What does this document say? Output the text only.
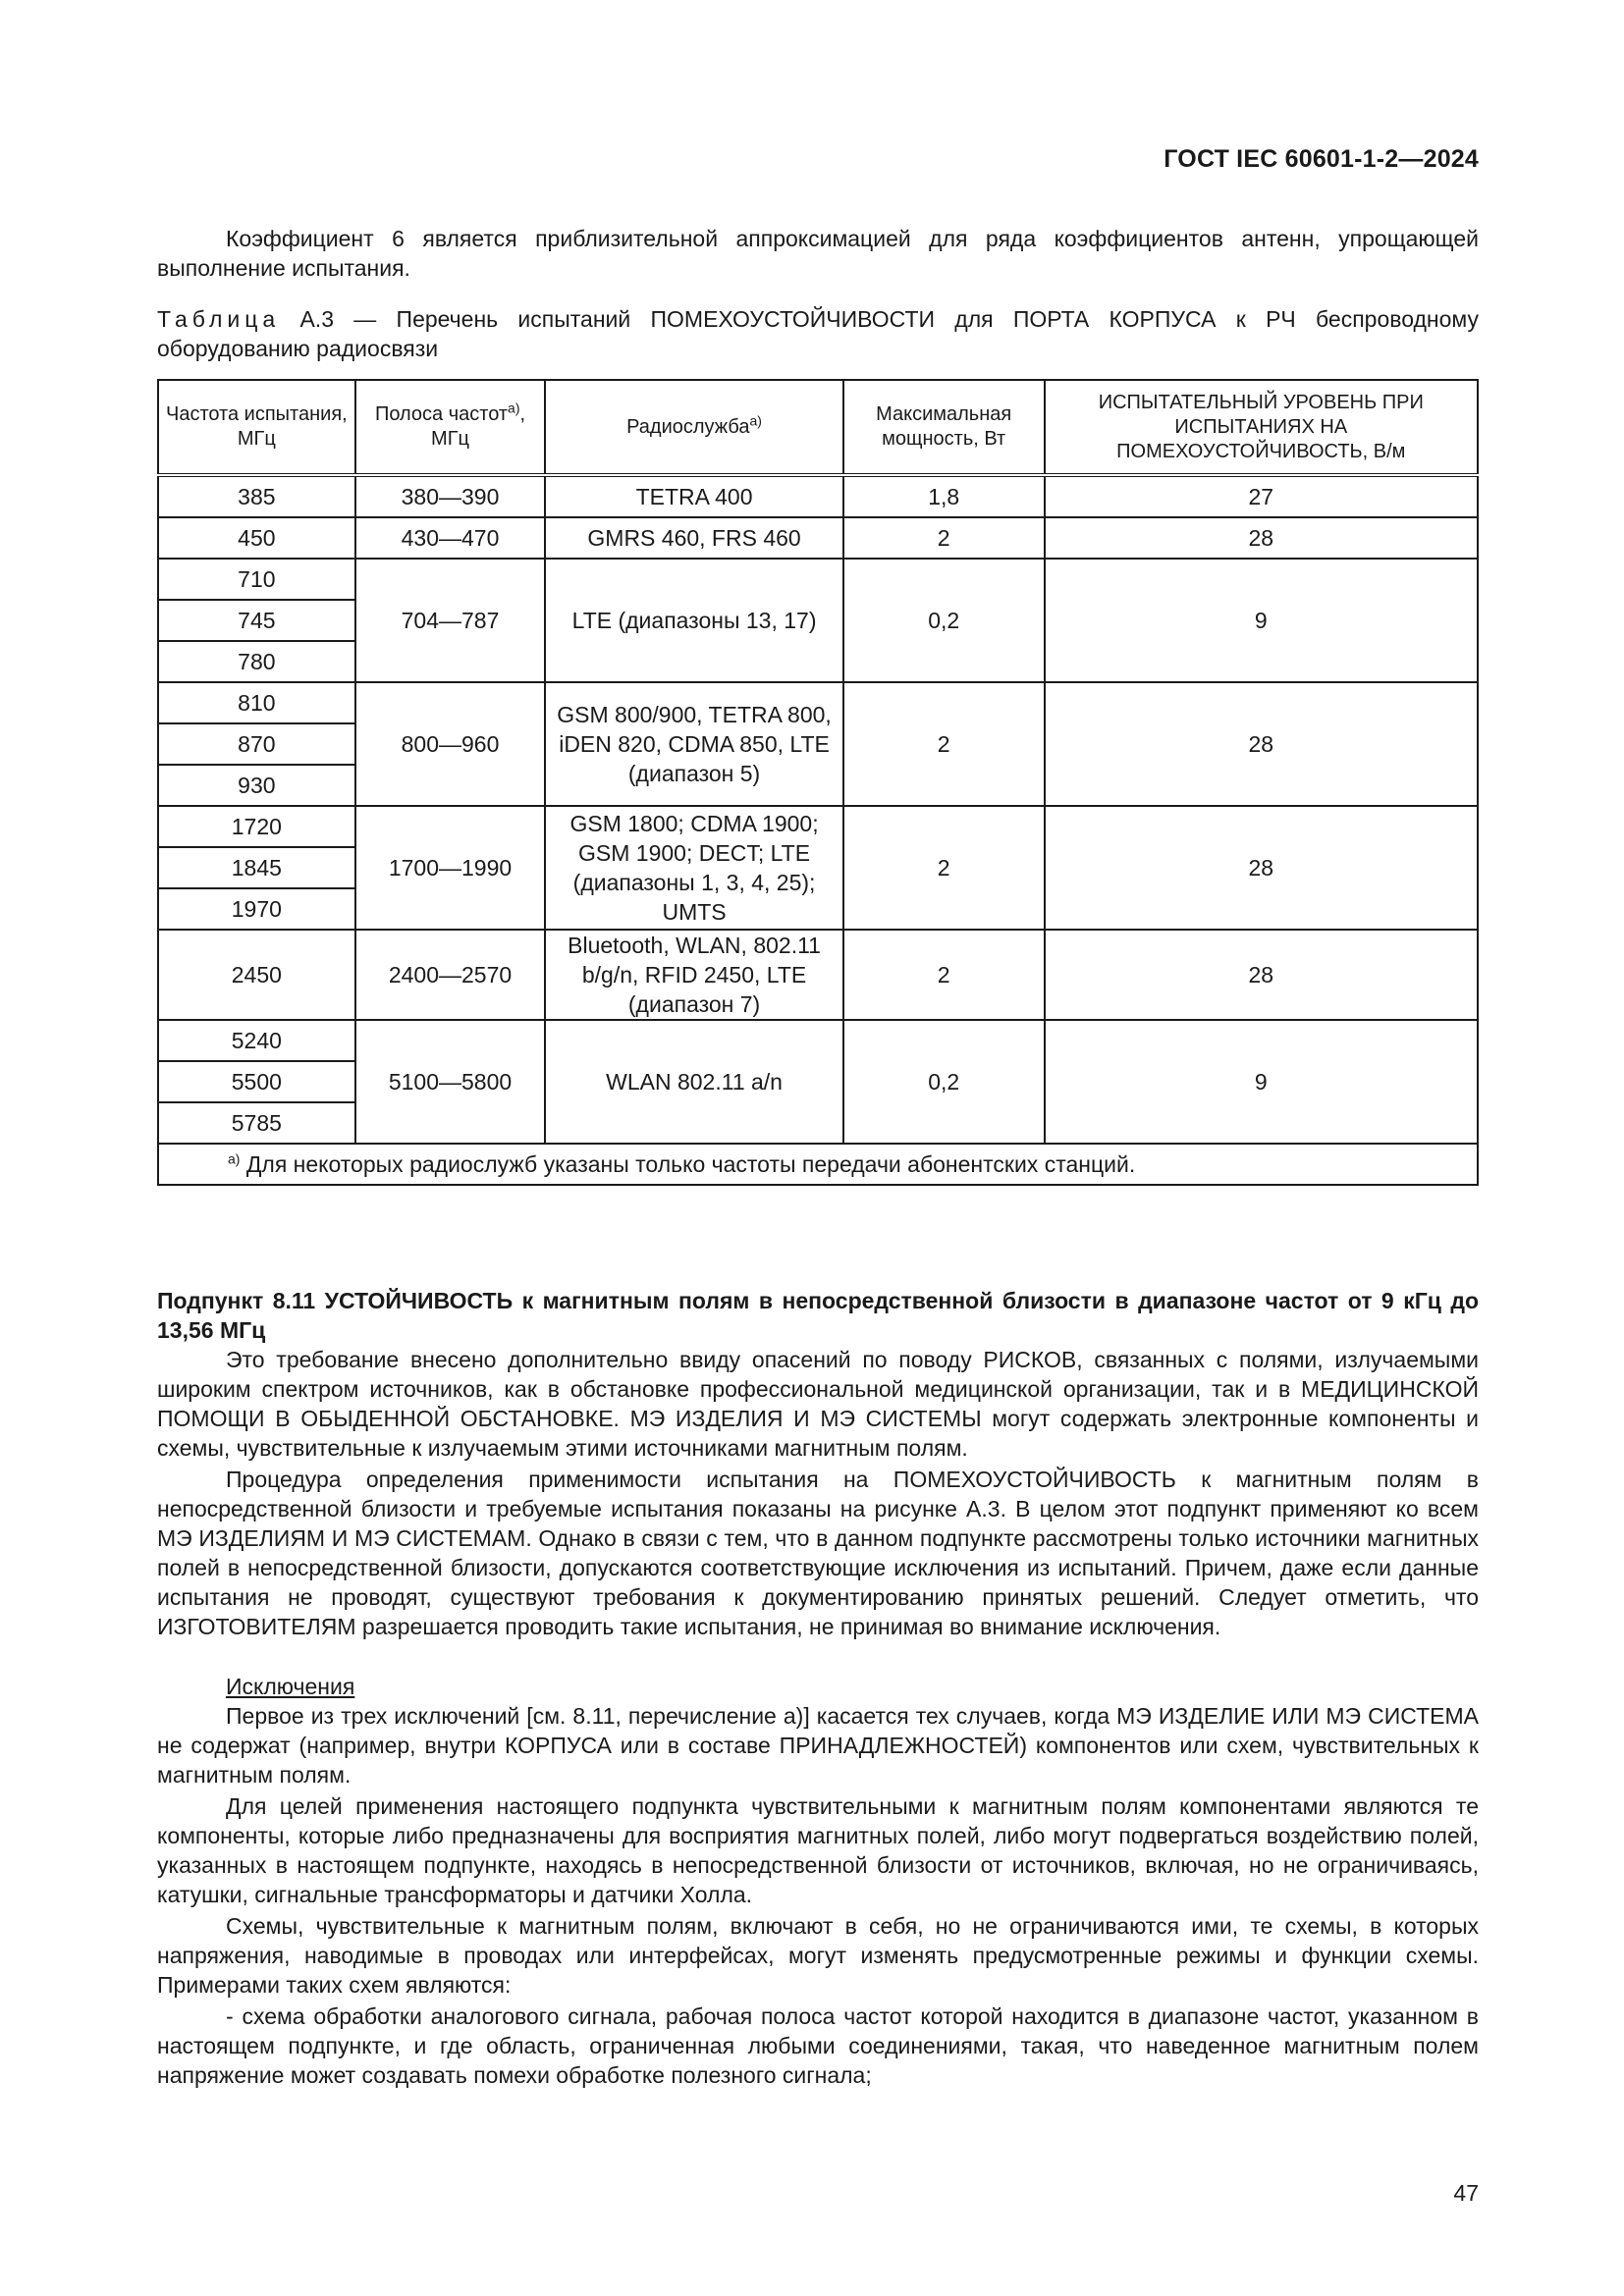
ГОСТ IEC 60601-1-2—2024
Коэффициент 6 является приблизительной аппроксимацией для ряда коэффициентов антенн, упрощающей выполнение испытания.
Таблица А.3 — Перечень испытаний ПОМЕХОУСТОЙЧИВОСТИ для ПОРТА КОРПУСА к РЧ беспроводному оборудованию радиосвязи
Частота испытания, МГц	Полоса частот$^{а)}$, МГц	Радиослужба$^{а)}$	Максимальная мощность, Вт	ИСПЫТАТЕЛЬНЫЙ УРОВЕНЬ ПРИ ИСПЫТАНИЯХ НА ПОМЕХОУСТОЙЧИВОСТЬ, В/м
385	380—390	TETRA 400	1,8	27
450	430—470	GMRS 460, FRS 460	2	28
710	704—787	LTE (диапазоны 13, 17)	0,2	9
745				
780				
810	800—960	GSM 800/900, TETRA 800, iDEN 820, CDMA 850, LTE (диапазон 5)	2	28
870				
930				
1720	1700—1990	GSM 1800; CDMA 1900; GSM 1900; DECT; LTE (диапазоны 1, 3, 4, 25); UMTS	2	28
1845				
1970				
2450	2400—2570	Bluetooth, WLAN, 802.11 b/g/n, RFID 2450, LTE (диапазон 7)	2	28
5240	5100—5800	WLAN 802.11 a/n	0,2	9
5500				
5785				
$^{а)}$ Для некоторых радиослужб указаны только частоты передачи абонентских станций.				
Подпункт 8.11 УСТОЙЧИВОСТЬ к магнитным полям в непосредственной близости в диапазоне частот от 9 кГц до 13,56 МГц
Это требование внесено дополнительно ввиду опасений по поводу РИСКОВ, связанных с полями, излучаемыми широким спектром источников, как в обстановке профессиональной медицинской организации, так и в МЕДИЦИНСКОЙ ПОМОЩИ В ОБЫДЕННОЙ ОБСТАНОВКЕ. МЭ ИЗДЕЛИЯ И МЭ СИСТЕМЫ могут содержать электронные компоненты и схемы, чувствительные к излучаемым этими источниками магнитным полям.
Процедура определения применимости испытания на ПОМЕХОУСТОЙЧИВОСТЬ к магнитным полям в непосредственной близости и требуемые испытания показаны на рисунке А.3. В целом этот подпункт применяют ко всем МЭ ИЗДЕЛИЯМ И МЭ СИСТЕМАМ. Однако в связи с тем, что в данном подпункте рассмотрены только источники магнитных полей в непосредственной близости, допускаются соответствующие исключения из испытаний. Причем, даже если данные испытания не проводят, существуют требования к документированию принятых решений. Следует отметить, что ИЗГОТОВИТЕЛЯМ разрешается проводить такие испытания, не принимая во внимание исключения.
Исключения
Первое из трех исключений [см. 8.11, перечисление а)] касается тех случаев, когда МЭ ИЗДЕЛИЕ ИЛИ МЭ СИСТЕМА не содержат (например, внутри КОРПУСА или в составе ПРИНАДЛЕЖНОСТЕЙ) компонентов или схем, чувствительных к магнитным полям.
Для целей применения настоящего подпункта чувствительными к магнитным полям компонентами являются те компоненты, которые либо предназначены для восприятия магнитных полей, либо могут подвергаться воздействию полей, указанных в настоящем подпункте, находясь в непосредственной близости от источников, включая, но не ограничиваясь, катушки, сигнальные трансформаторы и датчики Холла.
Схемы, чувствительные к магнитным полям, включают в себя, но не ограничиваются ими, те схемы, в которых напряжения, наводимые в проводах или интерфейсах, могут изменять предусмотренные режимы и функции схемы. Примерами таких схем являются:
- схема обработки аналогового сигнала, рабочая полоса частот которой находится в диапазоне частот, указанном в настоящем подпункте, и где область, ограниченная любыми соединениями, такая, что наведенное магнитным полем напряжение может создавать помехи обработке полезного сигнала;
47
